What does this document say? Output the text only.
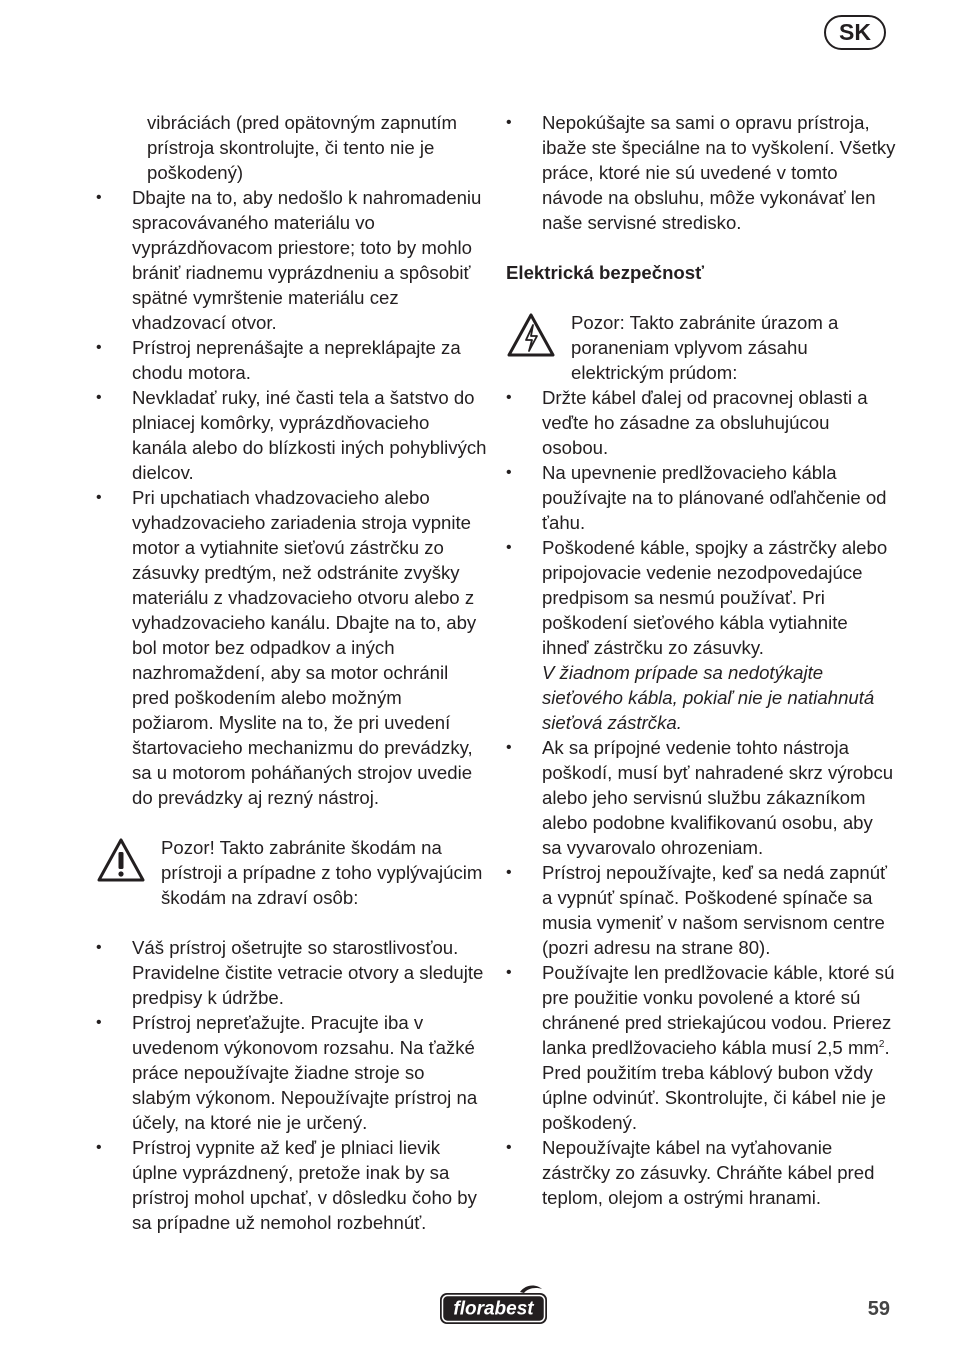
SK
vibráciách (pred opätovným zapnutím prístroja skontrolujte, či tento nie je poškodený)
• Dbajte na to, aby nedošlo k nahromadeniu spracovávaného materiálu vo vyprázdňovacom priestore; toto by mohlo brániť riadnemu vyprázdneniu a spôsobiť spätné vymrštenie materiálu cez vhadzovací otvor.
• Prístroj neprenášajte a nepreklápajte za chodu motora.
• Nevkladať ruky, iné časti tela a šatstvo do plniacej komôrky, vyprázdňovacieho kanála alebo do blízkosti iných pohyblivých dielcov.
• Pri upchatiach vhadzovacieho alebo vyhadzovacieho zariadenia stroja vypnite motor a vytiahnite sieťovú zástrčku zo zásuvky predtým, než odstránite zvyšky materiálu z vhadzovacieho otvoru alebo z vyhadzovacieho kanálu. Dbajte na to, aby bol motor bez odpadkov a iných nazhromaždení, aby sa motor ochránil pred poškodením alebo možným požiarom. Myslite na to, že pri uvedení štartovacieho mechanizmu do prevádzky, sa u motorom poháňaných strojov uvedie do prevádzky aj rezný nástroj.
Pozor! Takto zabránite škodám na prístroji a prípadne z toho vyplývajúcim škodám na zdraví osôb:
• Váš prístroj ošetrujte so starostlivosťou. Pravidelne čistite vetracie otvory a sledujte predpisy k údržbe.
• Prístroj nepreťažujte. Pracujte iba v uvedenom výkonovom rozsahu. Na ťažké práce nepoužívajte žiadne stroje so slabým výkonom. Nepoužívajte prístroj na účely, na ktoré nie je určený.
• Prístroj vypnite až keď je plniaci lievik úplne vyprázdnený, pretože inak by sa prístroj mohol upchať, v dôsledku čoho by sa prípadne už nemohol rozbehnúť.
• Nepokúšajte sa sami o opravu prístroja, ibaže ste špeciálne na to vyškolení. Všetky práce, ktoré nie sú uvedené v tomto návode na obsluhu, môže vykonávať len naše servisné stredisko.
Elektrická bezpečnosť
Pozor: Takto zabránite úrazom a poraneniam vplyvom zásahu elektrickým prúdom:
• Držte kábel ďalej od pracovnej oblasti a veďte ho zásadne za obsluhujúcou osobou.
• Na upevnenie predlžovacieho kábla používajte na to plánované odľahčenie od ťahu.
• Poškodené káble, spojky a zástrčky alebo pripojovacie vedenie nezodpovedajúce predpisom sa nesmú používať. Pri poškodení sieťového kábla vytiahnite ihneď zástrčku zo zásuvky.
V žiadnom prípade sa nedotýkajte sieťového kábla, pokiaľ nie je natiahnutá sieťová zástrčka.
• Ak sa prípojné vedenie tohto nástroja poškodí, musí byť nahradené skrz výrobcu alebo jeho servisnú službu zákazníkom alebo podobne kvalifikovanú osobu, aby sa vyvarovalo ohrozeniam.
• Prístroj nepoužívajte, keď sa nedá zapnúť a vypnúť spínač. Poškodené spínače sa musia vymeniť v našom servisnom centre (pozri adresu na strane 80).
• Používajte len predlžovacie káble, ktoré sú pre použitie vonku povolené a ktoré sú chránené pred striekajúcou vodou. Prierez lanka predlžovacieho kábla musí 2,5 $mm^2$. Pred použitím treba káblový bubon vždy úplne odvinúť. Skontrolujte, či kábel nie je poškodený.
• Nepoužívajte kábel na vyťahovanie zástrčky zo zásuvky. Chráňte kábel pred teplom, olejom a ostrými hranami.
florabest	59
